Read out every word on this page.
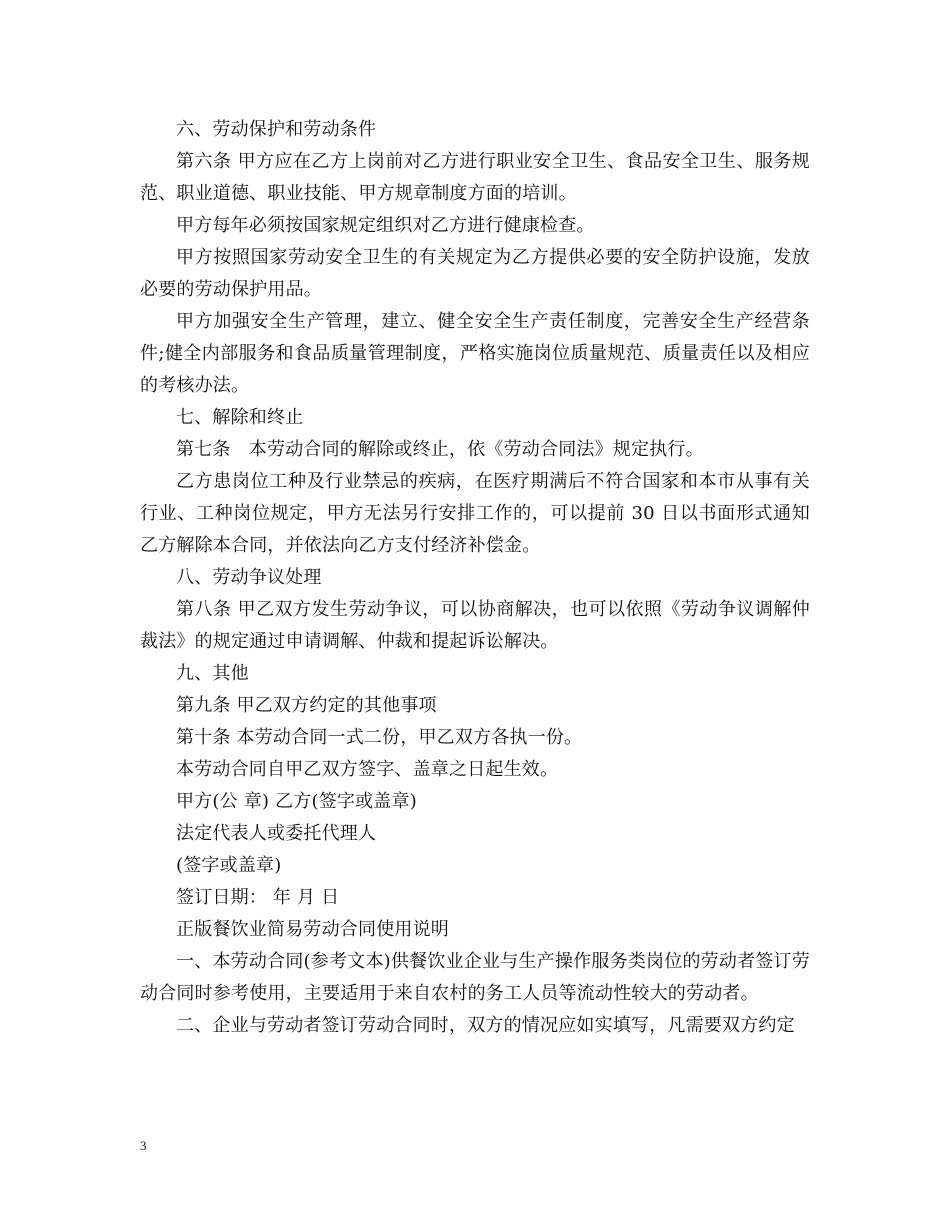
六、劳动保护和劳动条件

第六条 甲方应在乙方上岗前对乙方进行职业安全卫生、食品安全卫生、服务规范、职业道德、职业技能、甲方规章制度方面的培训。

甲方每年必须按国家规定组织对乙方进行健康检查。

甲方按照国家劳动安全卫生的有关规定为乙方提供必要的安全防护设施，发放必要的劳动保护用品。

甲方加强安全生产管理，建立、健全安全生产责任制度，完善安全生产经营条件;健全内部服务和食品质量管理制度，严格实施岗位质量规范、质量责任以及相应的考核办法。

七、解除和终止

第七条　本劳动合同的解除或终止，依《劳动合同法》规定执行。

乙方患岗位工种及行业禁忌的疾病，在医疗期满后不符合国家和本市从事有关行业、工种岗位规定，甲方无法另行安排工作的，可以提前 30 日以书面形式通知乙方解除本合同，并依法向乙方支付经济补偿金。

八、劳动争议处理

第八条 甲乙双方发生劳动争议，可以协商解决，也可以依照《劳动争议调解仲裁法》的规定通过申请调解、仲裁和提起诉讼解决。

九、其他

第九条 甲乙双方约定的其他事项

第十条 本劳动合同一式二份，甲乙双方各执一份。

本劳动合同自甲乙双方签字、盖章之日起生效。

甲方(公 章) 乙方(签字或盖章)

法定代表人或委托代理人

(签字或盖章)

签订日期： 年 月 日

正版餐饮业简易劳动合同使用说明

一、本劳动合同(参考文本)供餐饮业企业与生产操作服务类岗位的劳动者签订劳动合同时参考使用，主要适用于来自农村的务工人员等流动性较大的劳动者。

二、企业与劳动者签订劳动合同时，双方的情况应如实填写，凡需要双方约定

3
